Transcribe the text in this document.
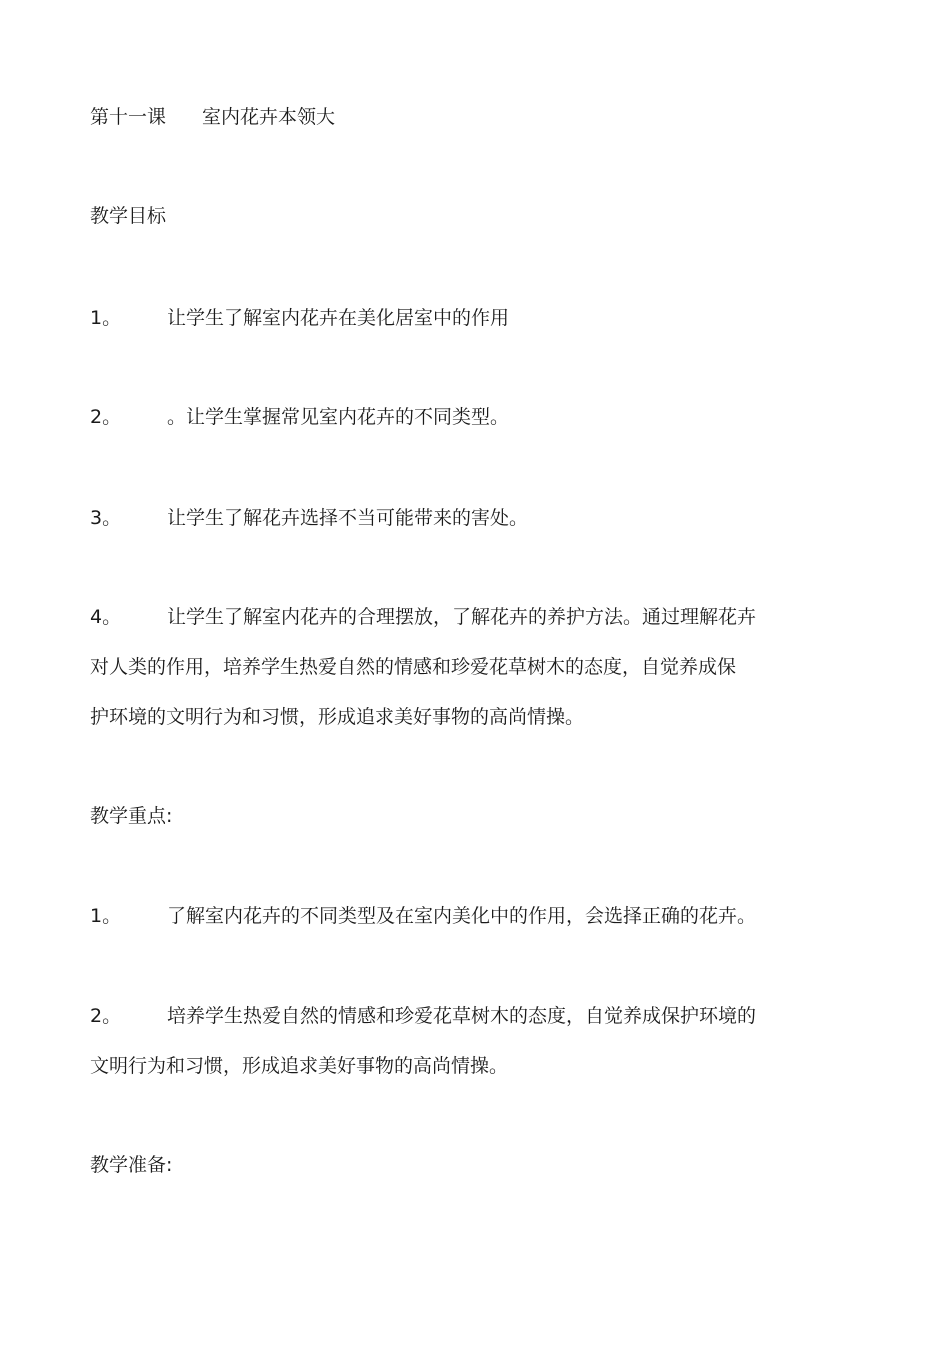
第十一课 室内花卉本领大
教学目标
1。 让学生了解室内花卉在美化居室中的作用
2。 。让学生掌握常见室内花卉的不同类型。
3。 让学生了解花卉选择不当可能带来的害处。
4。 让学生了解室内花卉的合理摆放，了解花卉的养护方法。通过理解花卉
对人类的作用，培养学生热爱自然的情感和珍爱花草树木的态度，自觉养成保
护环境的文明行为和习惯，形成追求美好事物的高尚情操。
教学重点:
1。 了解室内花卉的不同类型及在室内美化中的作用，会选择正确的花卉。
2。 培养学生热爱自然的情感和珍爱花草树木的态度，自觉养成保护环境的
文明行为和习惯，形成追求美好事物的高尚情操。
教学准备:
